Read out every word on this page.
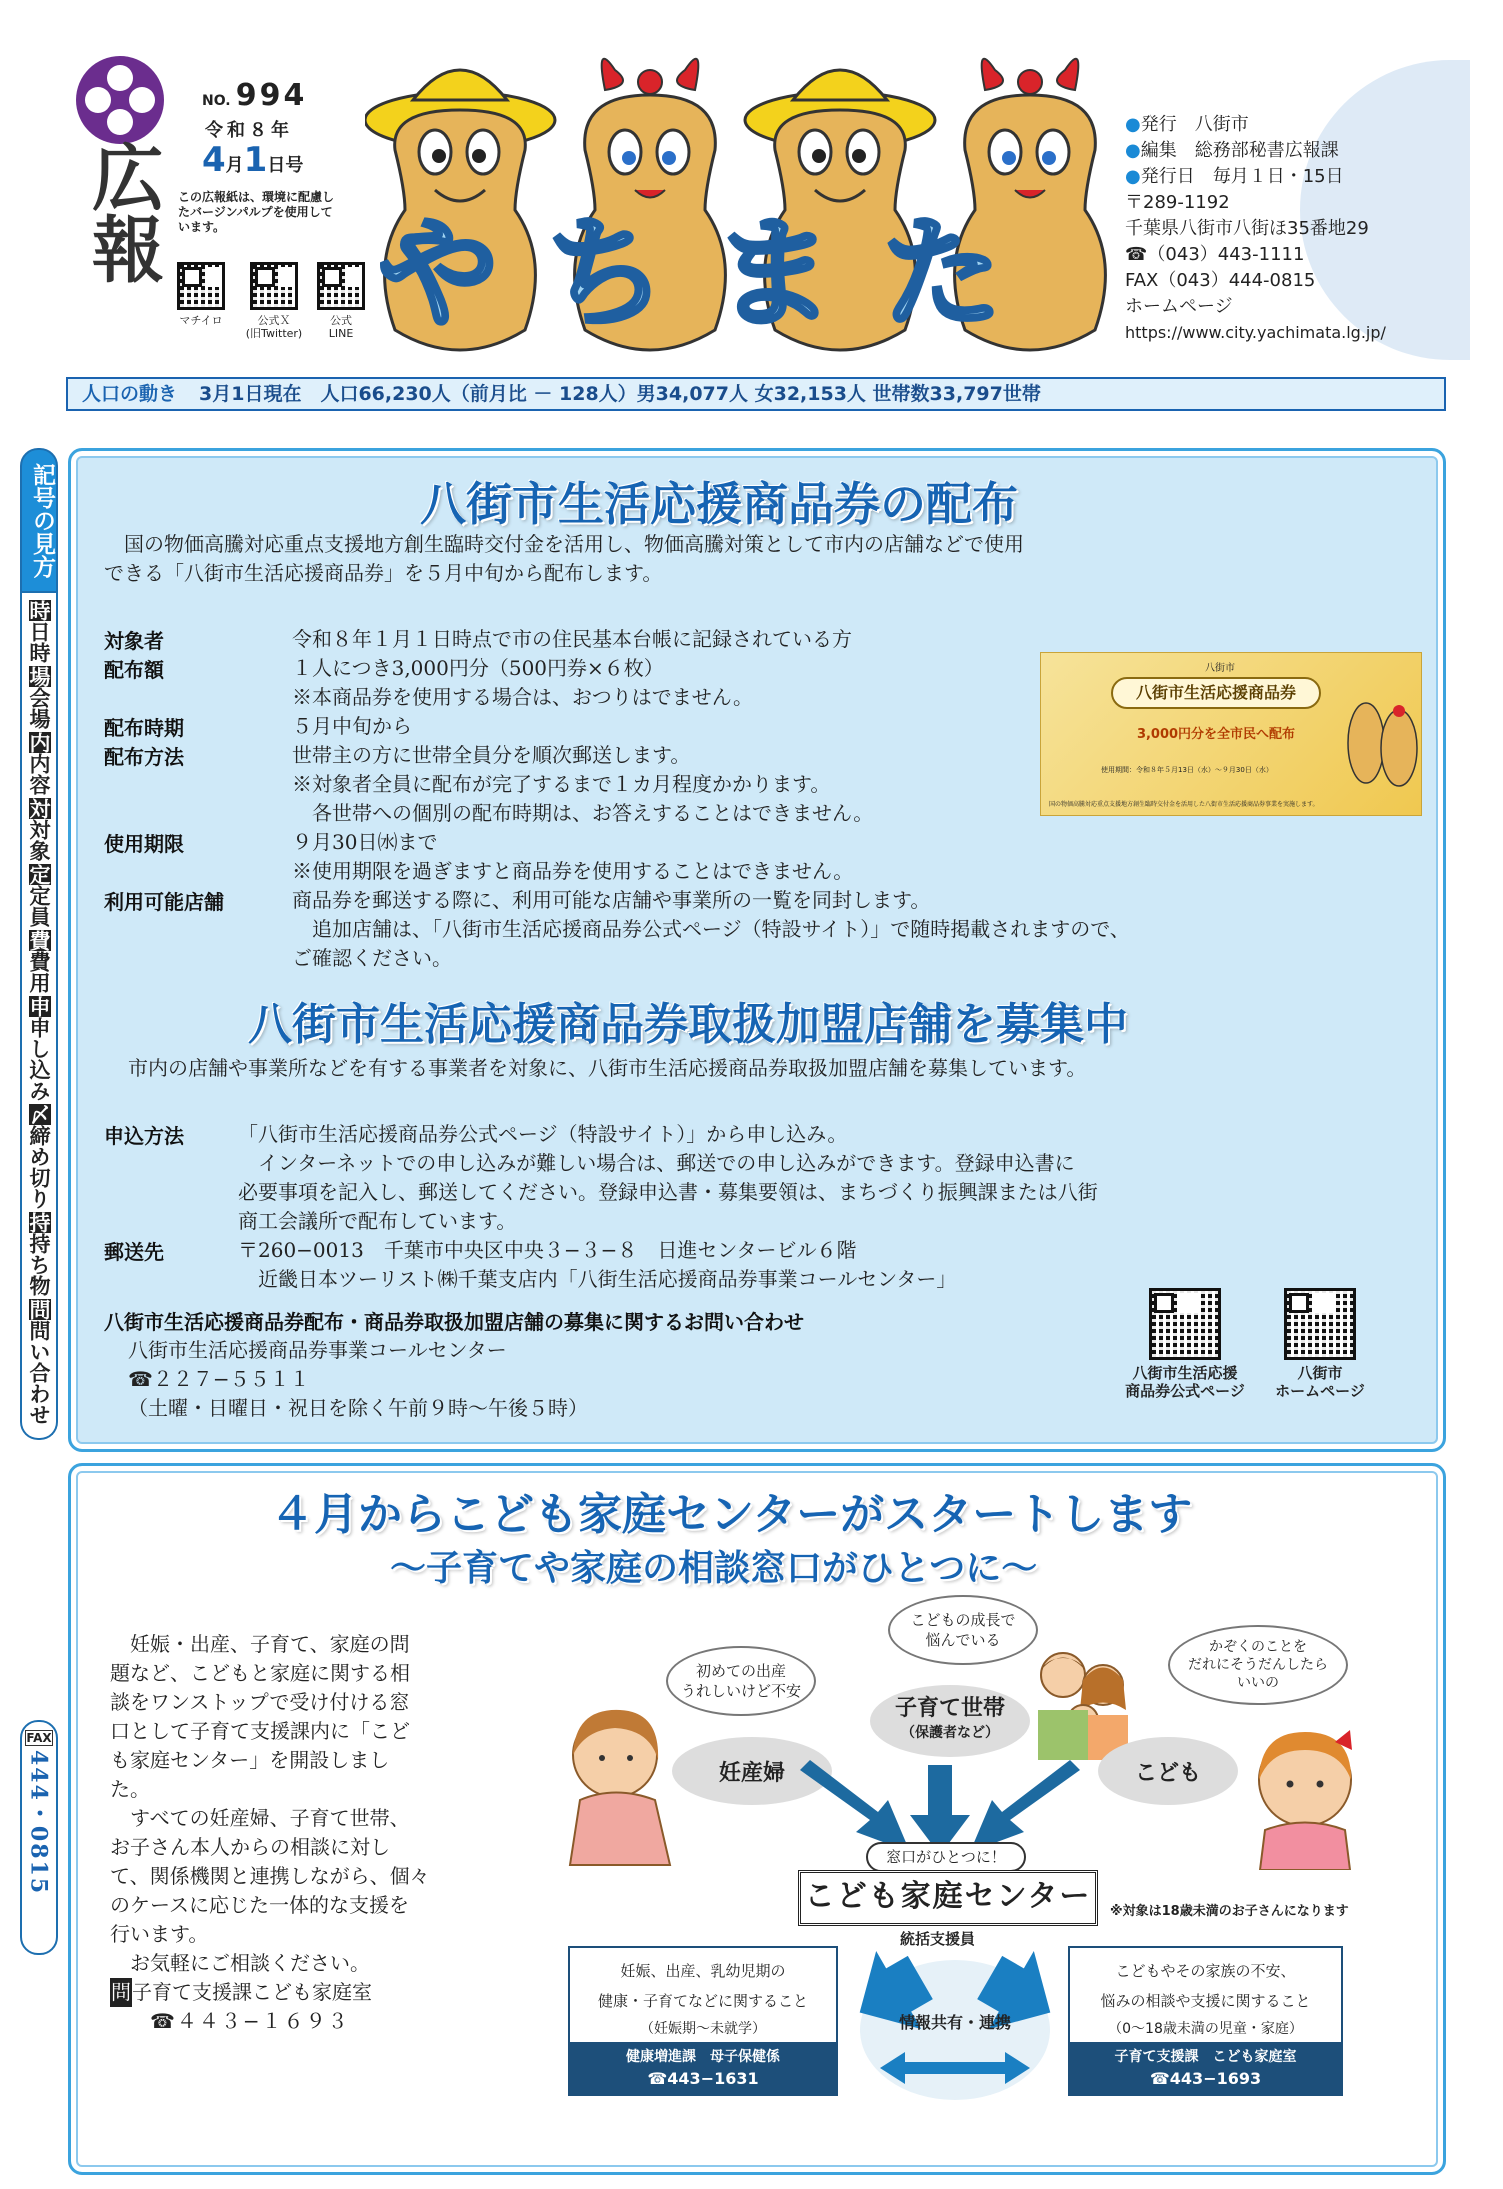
広報
NO. 994
令和８年
4月1日号
この広報紙は、環境に配慮したバージンパルプを使用しています。
マチイロ	公式Ｘ
(旧Twitter)
公式
LINE やちまた
●発行　八街市
●編集　総務部秘書広報課
●発行日　毎月１日・15日
〒289-1192
千葉県八街市八街ほ35番地29
☎（043）443-1111
FAX（043）444-0815
ホームページ
https://www.city.yachimata.lg.jp/
人口の動き 3月1日現在　人口66,230人（前月比 － 128人）男34,077人 女32,153人 世帯数33,797世帯
記号の見方
時日時
場会場
内内容
対対象
定定員
費費用
申申し込み
〆締め切り
持持ち物
問問い合わせ
FAX
444・0815
八街市生活応援商品券の配布
　国の物価高騰対応重点支援地方創生臨時交付金を活用し、物価高騰対策として市内の店舗などで使用
できる「八街市生活応援商品券」を５月中旬から配布します。
対象者	令和８年１月１日時点で市の住民基本台帳に記録されている方
配布額	１人につき3,000円分（500円券×６枚）
※本商品券を使用する場合は、おつりはでません。
配布時期	５月中旬から
配布方法	世帯主の方に世帯全員分を順次郵送します。
※対象者全員に配布が完了するまで１カ月程度かかります。
　各世帯への個別の配布時期は、お答えすることはできません。
使用期限	９月30日㈬まで
※使用期限を過ぎますと商品券を使用することはできません。
利用可能店舗	商品券を郵送する際に、利用可能な店舗や事業所の一覧を同封します。
　追加店舗は、「八街市生活応援商品券公式ページ（特設サイト）」で随時掲載されますので、
ご確認ください。
八街市
八街市生活応援商品券
3,000円分を全市民へ配布
使用期間：令和８年５月13日（水）〜９月30日（水）
国の物価高騰対応重点支援地方創生臨時交付金を活用した八街市生活応援商品券事業を実施します。
八街市生活応援商品券取扱加盟店舗を募集中
　市内の店舗や事業所などを有する事業者を対象に、八街市生活応援商品券取扱加盟店舗を募集しています。
申込方法	「八街市生活応援商品券公式ページ（特設サイト）」から申し込み。
　インターネットでの申し込みが難しい場合は、郵送での申し込みができます。登録申込書に
必要事項を記入し、郵送してください。登録申込書・募集要領は、まちづくり振興課または八街
商工会議所で配布しています。
郵送先	〒260−0013　千葉市中央区中央３−３−８　日進センタービル６階
　近畿日本ツーリスト㈱千葉支店内「八街生活応援商品券事業コールセンター」
八街市生活応援商品券配布・商品券取扱加盟店舗の募集に関するお問い合わせ
八街市生活応援商品券事業コールセンター
☎２２７−５５１１
（土曜・日曜日・祝日を除く午前９時〜午後５時）
八街市生活応援
商品券公式ページ
八街市
ホームページ
４月からこども家庭センターがスタートします
〜子育てや家庭の相談窓口がひとつに〜
　妊娠・出産、子育て、家庭の問
題など、こどもと家庭に関する相
談をワンストップで受け付ける窓
口として子育て支援課内に「こど
も家庭センター」を開設しまし
た。
　すべての妊産婦、子育て世帯、
お子さん本人からの相談に対し
て、関係機関と連携しながら、個々
のケースに応じた一体的な支援を
行います。
　お気軽にご相談ください。
問子育て支援課こども家庭室
☎４４３−１６９３
初めての出産
うれしいけど不安
こどもの成長で
悩んでいる	かぞくのことを
だれにそうだんしたら
いいの
妊産婦
子育て世帯
（保護者など）
こども
窓口がひとつに！
こども家庭センター	※対象は18歳未満のお子さんになります
統括支援員
妊娠、出産、乳幼児期の
健康・子育てなどに関すること
（妊娠期〜未就学）
健康増進課　母子保健係
☎443−1631
こどもやその家族の不安、
悩みの相談や支援に関すること
（0〜18歳未満の児童・家庭）
子育て支援課　こども家庭室
☎443−1693
情報共有・連携
